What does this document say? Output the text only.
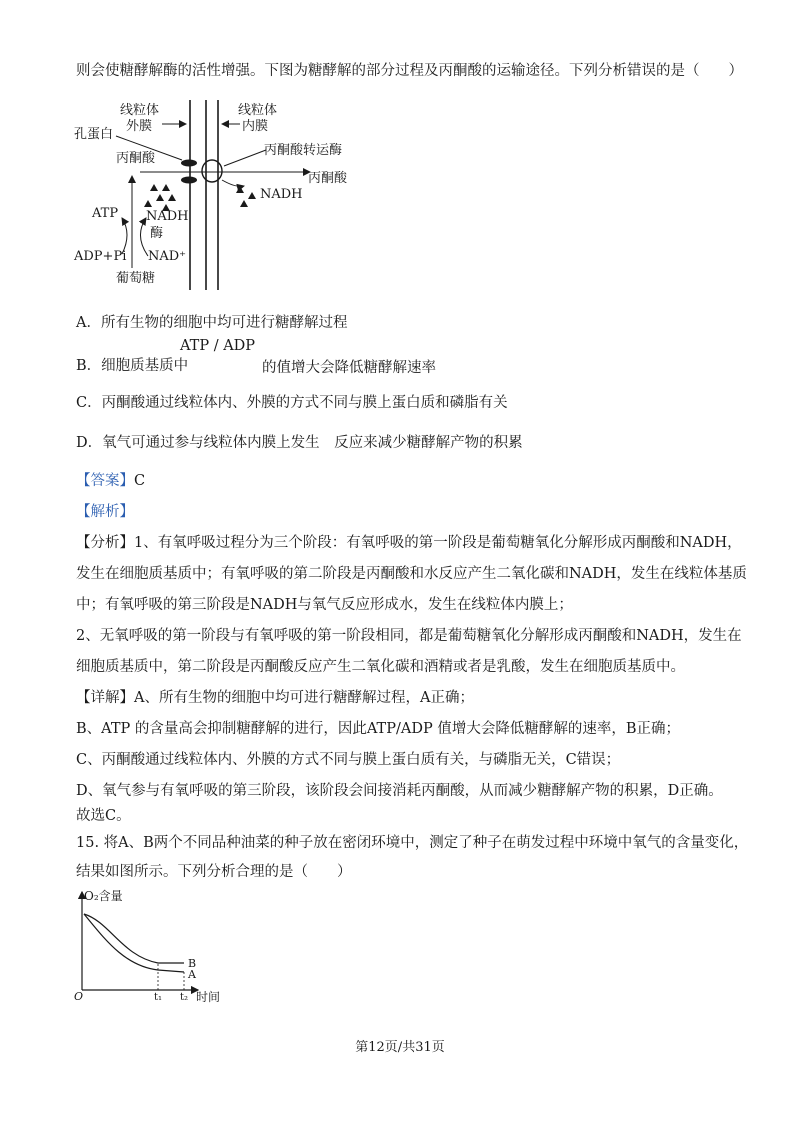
则会使糖酵解酶的活性增强。下图为糖酵解的部分过程及丙酮酸的运输途径。下列分析错误的是（　　）
线粒体
外膜
线粒体
内膜
孔蛋白
丙酮酸转运酶
丙酮酸
丙酮酸
NADH
ATP NADH
酶
ADP+Pi NAD⁺
葡萄糖
A．所有生物的细胞中均可进行糖酵解过程
B．细胞质基质中
ATP / ADP
的值增大会降低糖酵解速率
C．丙酮酸通过线粒体内、外膜的方式不同与膜上蛋白质和磷脂有关
D．氧气可通过参与线粒体内膜上发生　反应来减少糖酵解产物的积累
【答案】C
【解析】
【分析】1、有氧呼吸过程分为三个阶段：有氧呼吸的第一阶段是葡萄糖氧化分解形成丙酮酸和NADH，
发生在细胞质基质中；有氧呼吸的第二阶段是丙酮酸和水反应产生二氧化碳和NADH，发生在线粒体基质
中；有氧呼吸的第三阶段是NADH与氧气反应形成水，发生在线粒体内膜上；
2、无氧呼吸的第一阶段与有氧呼吸的第一阶段相同，都是葡萄糖氧化分解形成丙酮酸和NADH，发生在
细胞质基质中，第二阶段是丙酮酸反应产生二氧化碳和酒精或者是乳酸，发生在细胞质基质中。
【详解】A、所有生物的细胞中均可进行糖酵解过程，A正确；
B、ATP 的含量高会抑制糖酵解的进行，因此ATP/ADP 值增大会降低糖酵解的速率，B正确；
C、丙酮酸通过线粒体内、外膜的方式不同与膜上蛋白质有关，与磷脂无关，C错误；
D、氧气参与有氧呼吸的第三阶段，该阶段会间接消耗丙酮酸，从而减少糖酵解产物的积累，D正确。
故选C。
15. 将A、B两个不同品种油菜的种子放在密闭环境中，测定了种子在萌发过程中环境中氧气的含量变化，
结果如图所示。下列分析合理的是（　　）
O₂含量
时间
O	t₁ t₂
B
A
第12页/共31页
